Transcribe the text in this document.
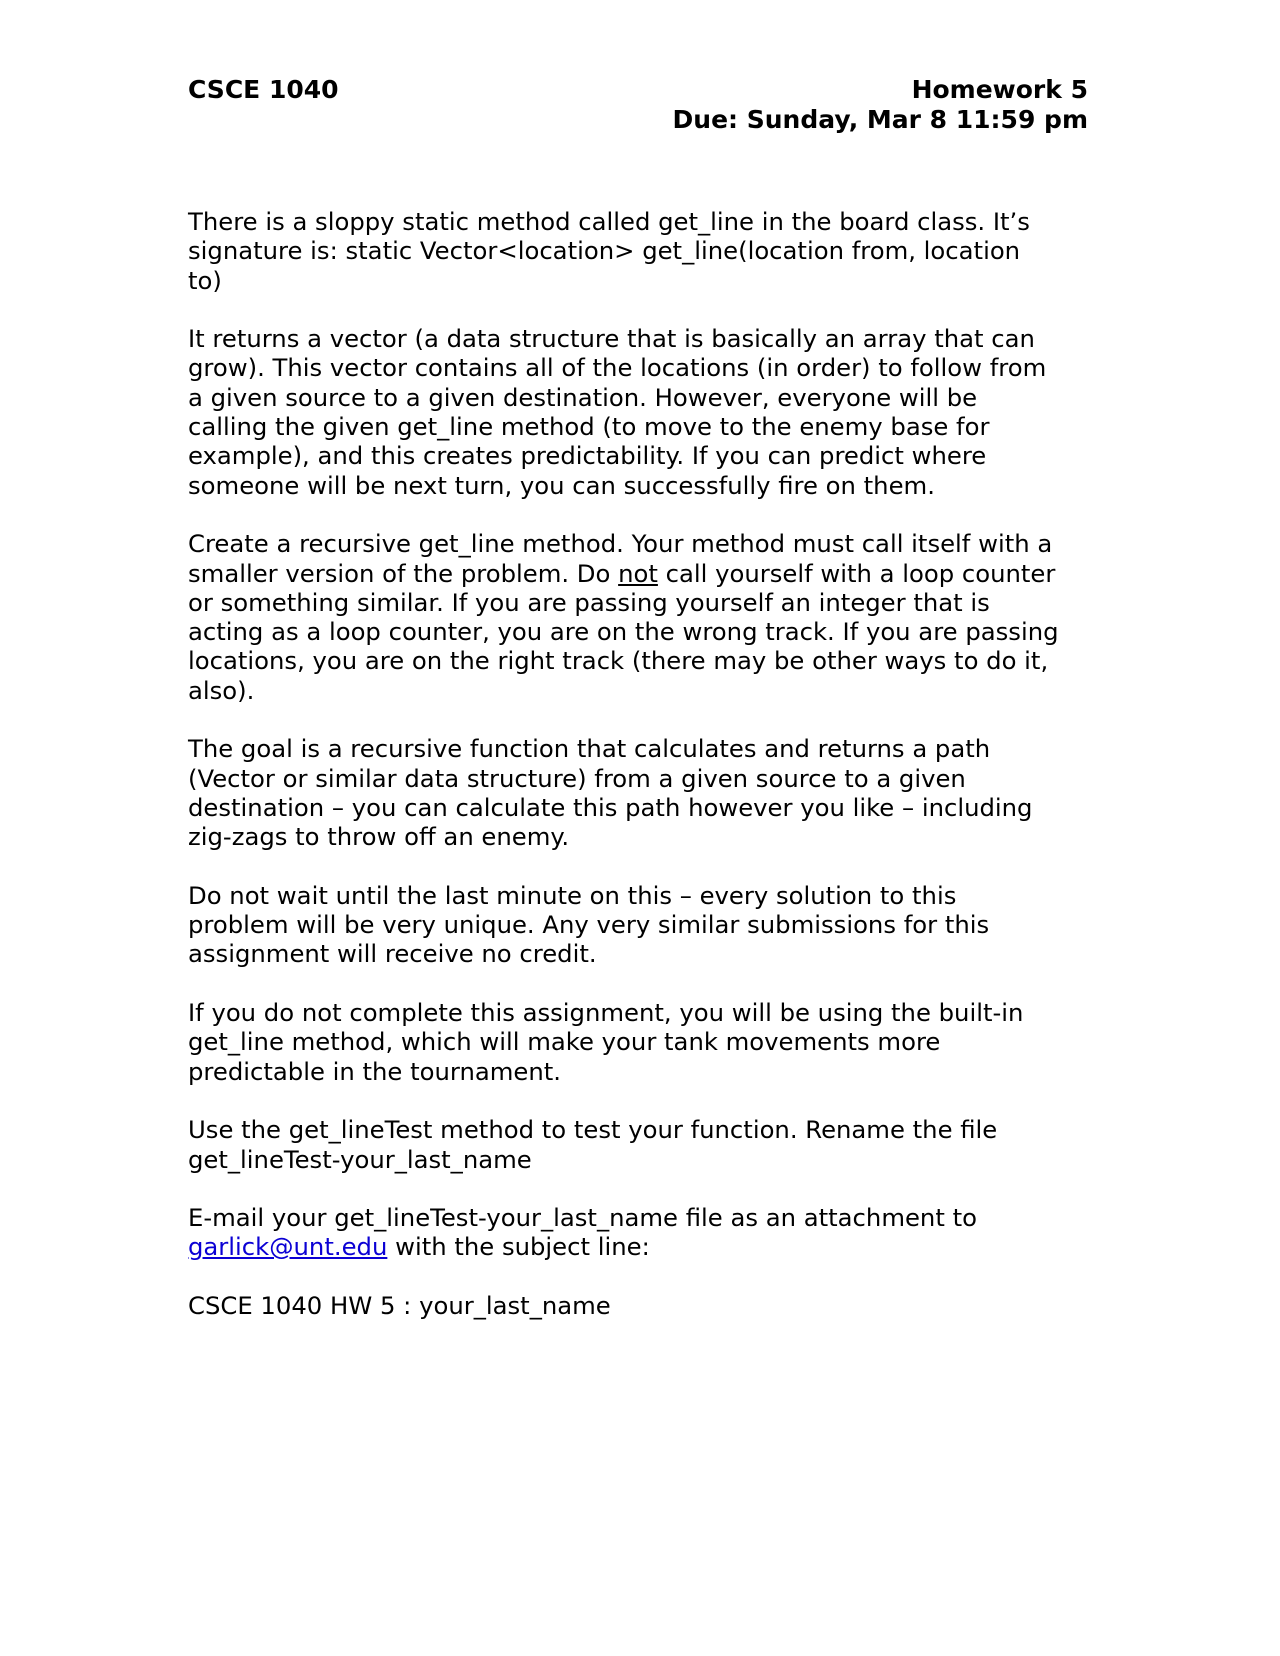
CSCE 1040	Homework 5
Due: Sunday, Mar 8 11:59 pm
There is a sloppy static method called get_line in the board class. It’s
signature is: static Vector<location> get_line(location from, location
to)
It returns a vector (a data structure that is basically an array that can
grow). This vector contains all of the locations (in order) to follow from
a given source to a given destination. However, everyone will be
calling the given get_line method (to move to the enemy base for
example), and this creates predictability. If you can predict where
someone will be next turn, you can successfully fire on them.
Create a recursive get_line method. Your method must call itself with a
smaller version of the problem. Do not call yourself with a loop counter
or something similar. If you are passing yourself an integer that is
acting as a loop counter, you are on the wrong track. If you are passing
locations, you are on the right track (there may be other ways to do it,
also).
The goal is a recursive function that calculates and returns a path
(Vector or similar data structure) from a given source to a given
destination – you can calculate this path however you like – including
zig-zags to throw off an enemy.
Do not wait until the last minute on this – every solution to this
problem will be very unique. Any very similar submissions for this
assignment will receive no credit.
If you do not complete this assignment, you will be using the built-in
get_line method, which will make your tank movements more
predictable in the tournament.
Use the get_lineTest method to test your function. Rename the file
get_lineTest-your_last_name
E-mail your get_lineTest-your_last_name file as an attachment to
garlick@unt.edu with the subject line:
CSCE 1040 HW 5 : your_last_name
